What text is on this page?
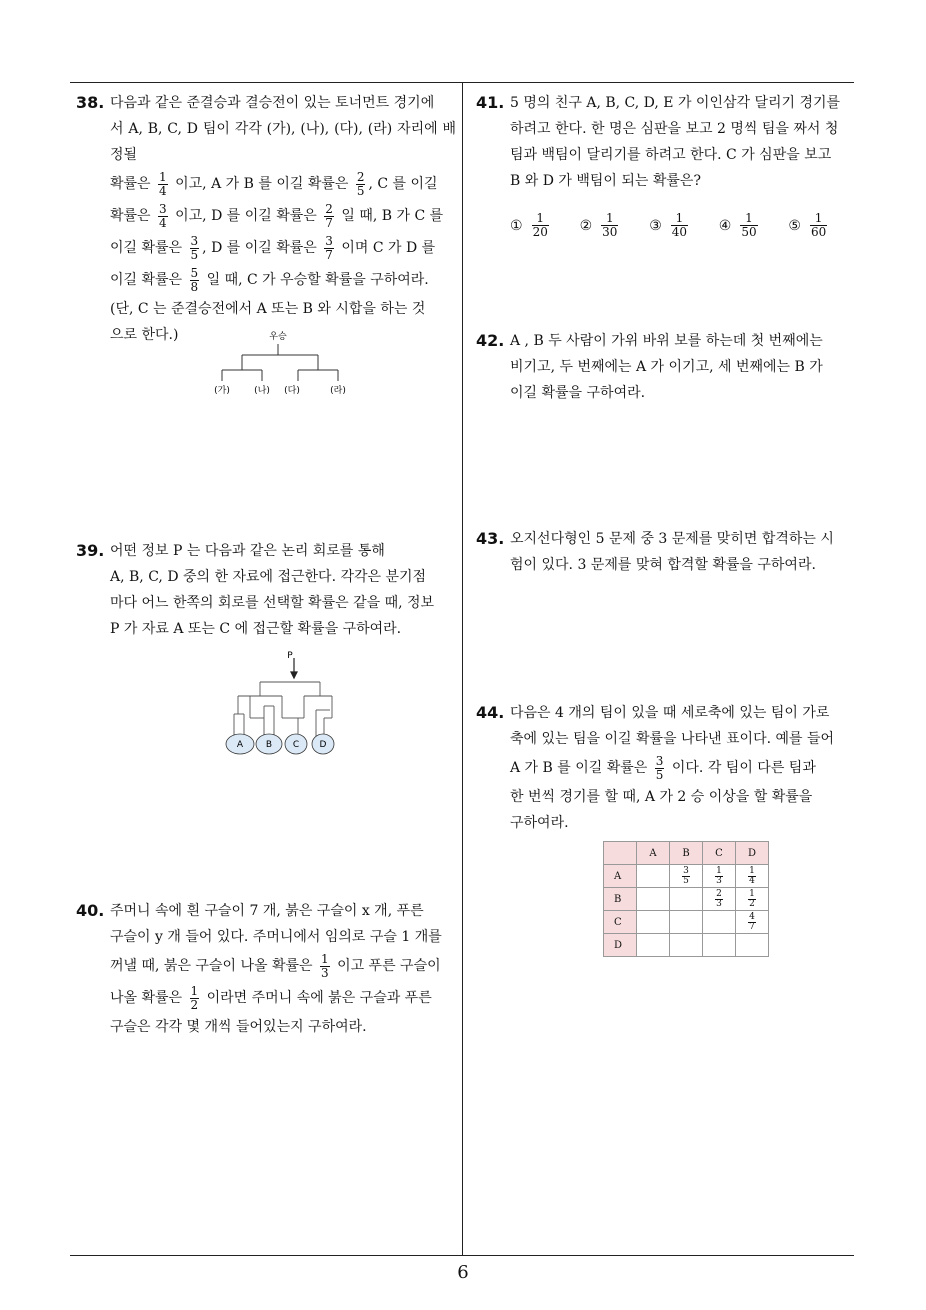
6
38. 다음과 같은 준결승과 결승전이 있는 토너먼트 경기에

서 A, B, C, D 팀이 각각 (가), (나), (다), (라) 자리에 배정될

확률은 $\frac{1}{4}$ 이고, A 가 B 를 이길 확률은 $\frac{2}{5}$ , C 를 이길

확률은 $\frac{3}{4}$ 이고, D 를 이길 확률은 $\frac{2}{7}$ 일 때, B 가 C 를

이길 확률은 $\frac{3}{5}$ , D 를 이길 확률은 $\frac{3}{7}$ 이며 C 가 D 를

이길 확률은 $\frac{5}{8}$ 일 때, C 가 우승할 확률을 구하여라.

(단, C 는 준결승전에서 A 또는 B 와 시합을 하는 것

으로 한다.)	우승
(가)	(나) (다)	(라)
39. 어떤 정보 P 는 다음과 같은 논리 회로를 통해

A, B, C, D 중의 한 자료에 접근한다. 각각은 분기점

마다 어느 한쪽의 회로를 선택할 확률은 같을 때, 정보

P 가 자료 A 또는 C 에 접근할 확률을 구하여라.

P
A	B C D
40. 주머니 속에 흰 구슬이 7 개, 붉은 구슬이 x 개, 푸른

구슬이 y 개 들어 있다. 주머니에서 임의로 구슬 1 개를

꺼낼 때, 붉은 구슬이 나올 확률은 $\frac{1}{3}$ 이고 푸른 구슬이

나올 확률은 $\frac{1}{2}$ 이라면 주머니 속에 붉은 구슬과 푸른

구슬은 각각 몇 개씩 들어있는지 구하여라.

41. 5 명의 친구 A, B, C, D, E 가 이인삼각 달리기 경기를

하려고 한다. 한 명은 심판을 보고 2 명씩 팀을 짜서 청

팀과 백팀이 달리기를 하려고 한다. C 가 심판을 보고

B 와 D 가 백팀이 되는 확률은?

① $\frac{1}{20}$ ② $\frac{1}{30}$ ③ $\frac{1}{40}$ ④ $\frac{1}{50}$ ⑤ $\frac{1}{60}$
42. A , B 두 사람이 가위 바위 보를 하는데 첫 번째에는

비기고, 두 번째에는 A 가 이기고, 세 번째에는 B 가

이길 확률을 구하여라.

43. 오지선다형인 5 문제 중 3 문제를 맞히면 합격하는 시

험이 있다. 3 문제를 맞혀 합격할 확률을 구하여라.

44. 다음은 4 개의 팀이 있을 때 세로축에 있는 팀이 가로

축에 있는 팀을 이길 확률을 나타낸 표이다. 예를 들어

A 가 B 를 이길 확률은 $\frac{3}{5}$ 이다. 각 팀이 다른 팀과

한 번씩 경기를 할 때, A 가 2 승 이상을 할 확률을

구하여라.

	A	B	C	D
A		$\frac{3}{5}$	$\frac{1}{3}$	$\frac{1}{4}$

B			$\frac{2}{3}$	$\frac{1}{2}$

C				$\frac{4}{7}$

D				
